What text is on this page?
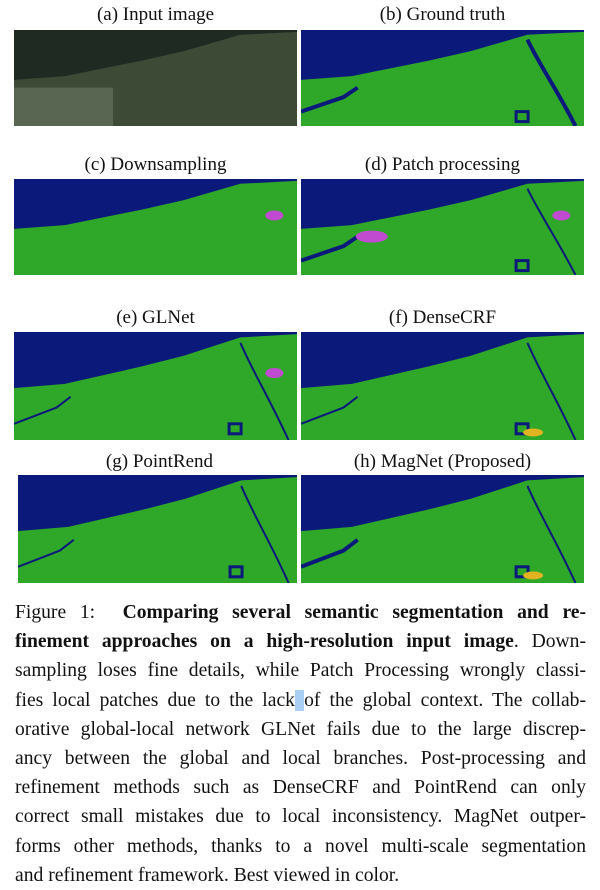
(a) Input image	(b) Ground truth
(c) Downsampling	(d) Patch processing
(e) GLNet	(f) DenseCRF
(g) PointRend	(h) MagNet (Proposed)
Figure 1: Comparing several semantic segmentation and re-
finement approaches on a high-resolution input image. Down-
sampling loses fine details, while Patch Processing wrongly classi-
fies local patches due to the lack of the global context. The collab-
orative global-local network GLNet fails due to the large discrep-
ancy between the global and local branches. Post-processing and
refinement methods such as DenseCRF and PointRend can only
correct small mistakes due to local inconsistency. MagNet outper-
forms other methods, thanks to a novel multi-scale segmentation
and refinement framework. Best viewed in color.
